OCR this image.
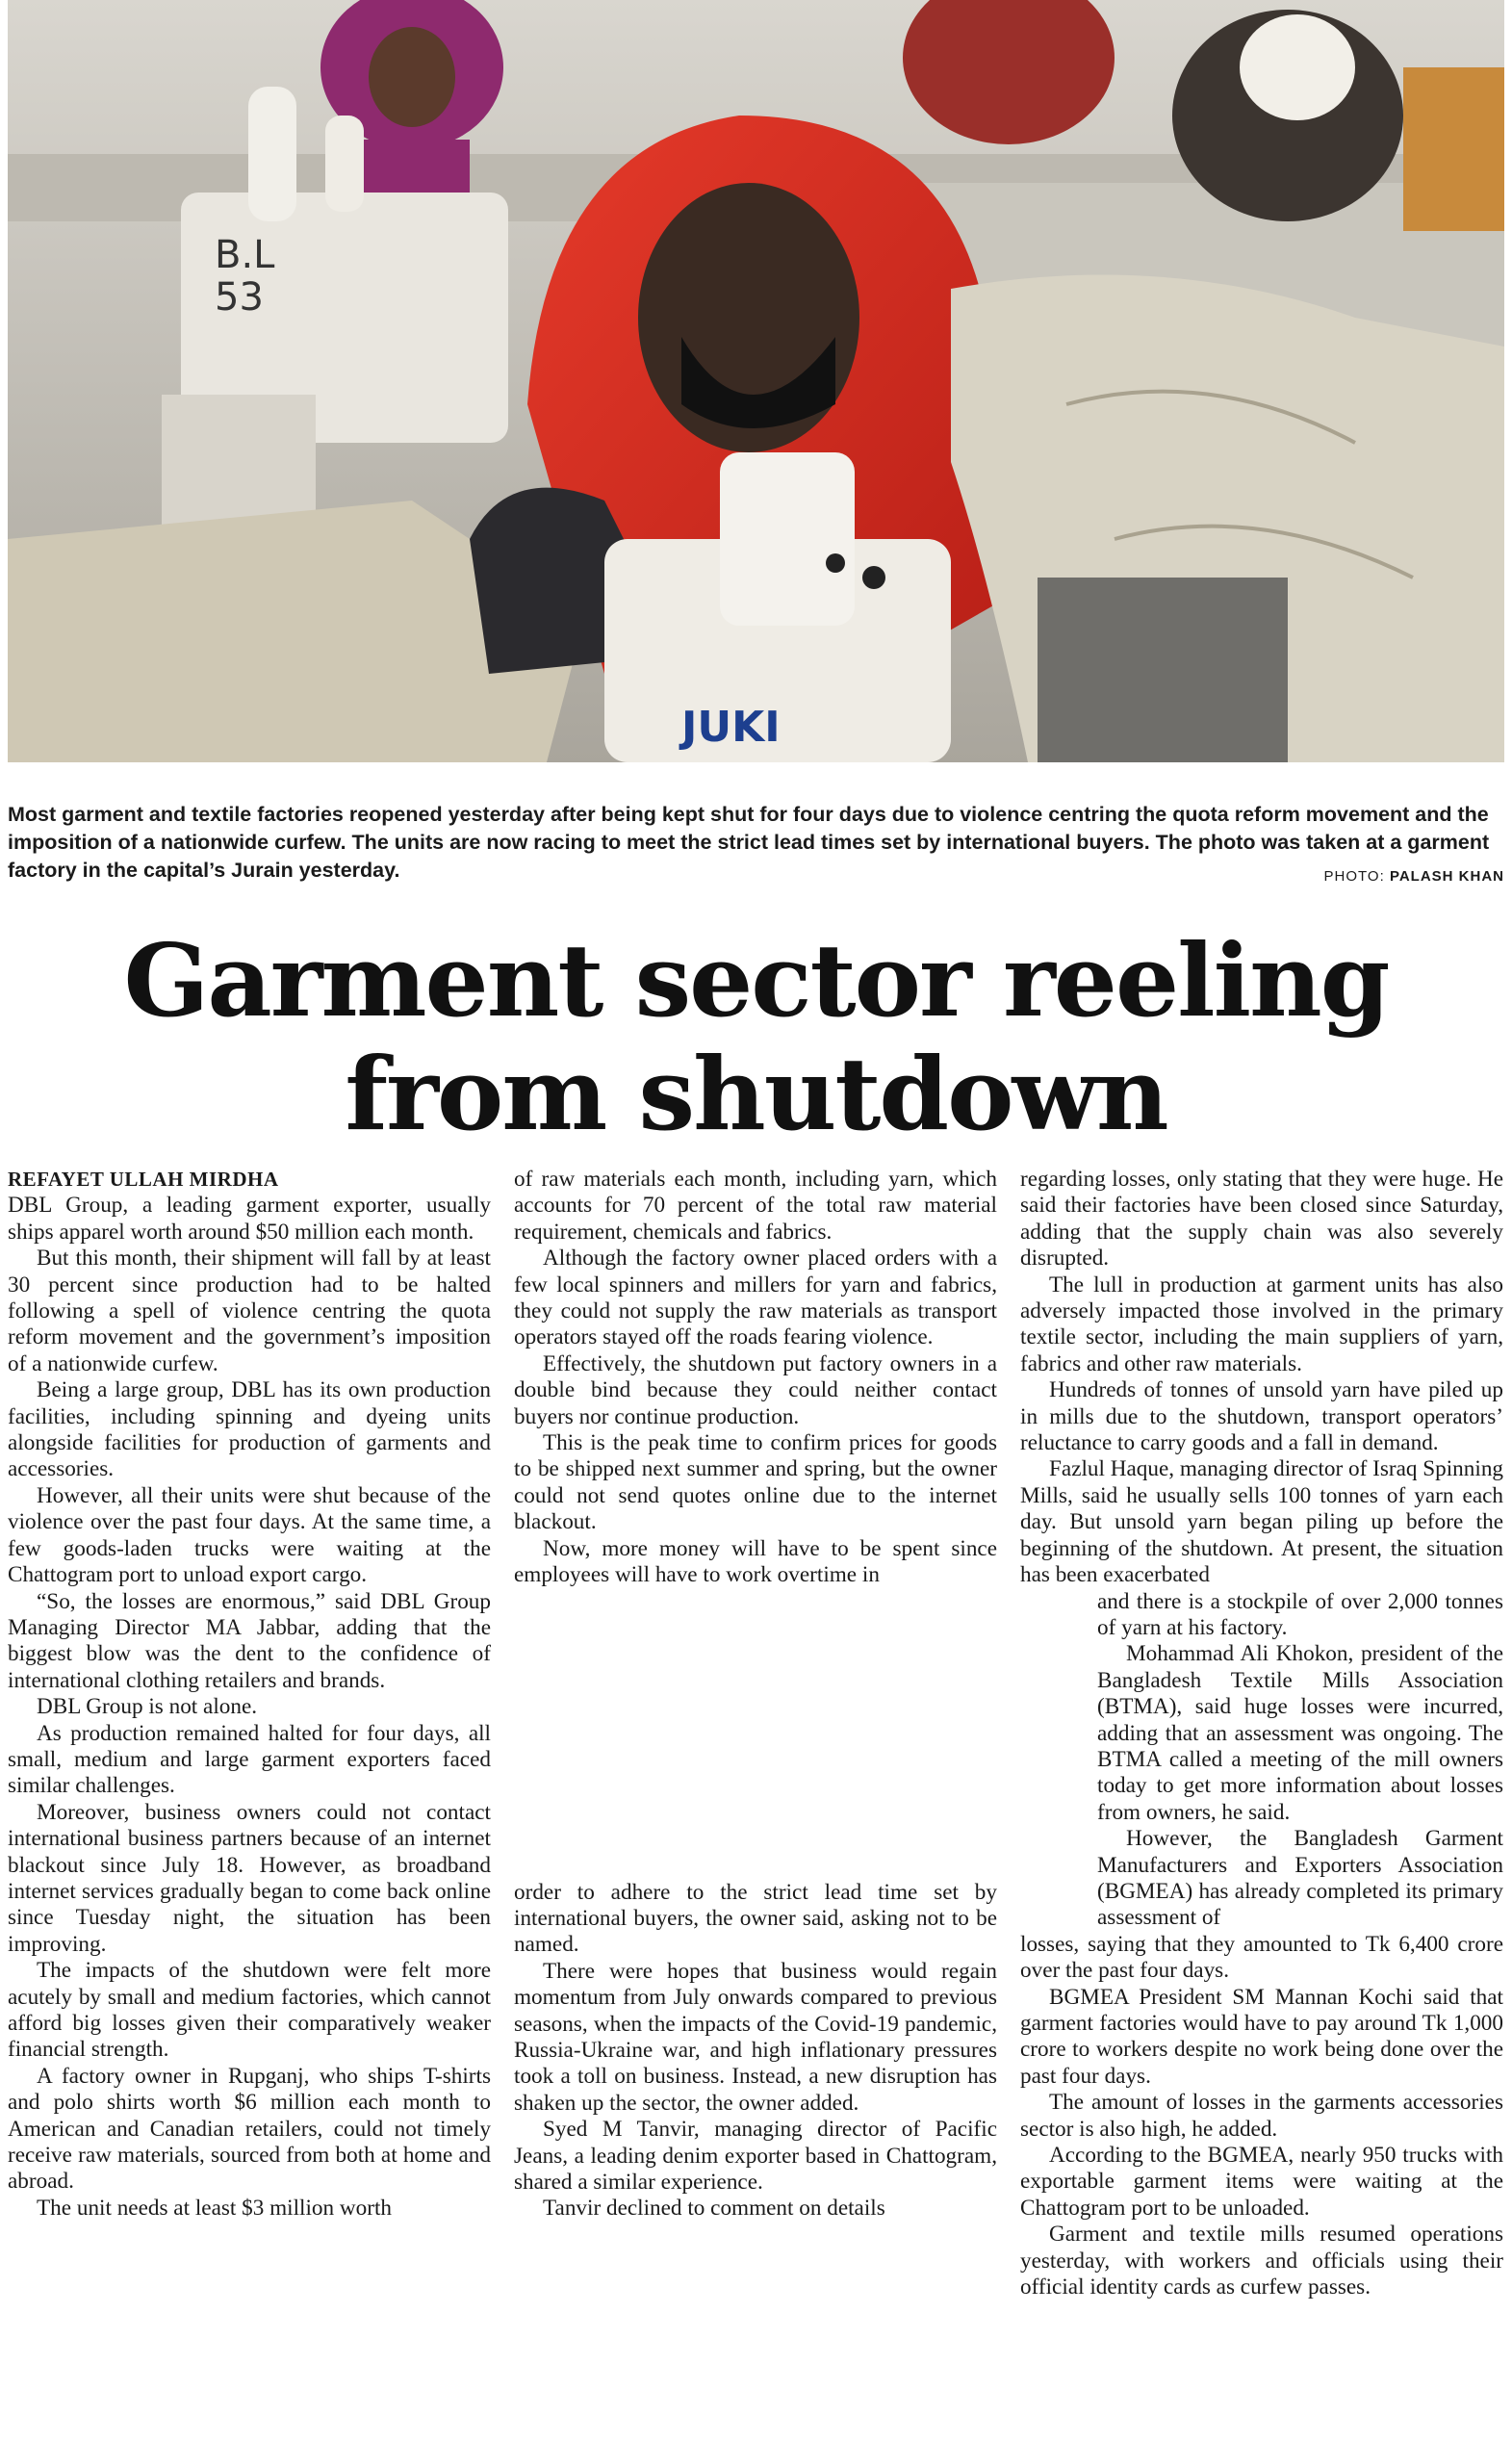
B.L
53
JUKI
Most garment and textile factories reopened yesterday after being kept shut for four days due to violence centring the quota reform movement and the imposition of a nationwide curfew. The units are now racing to meet the strict lead times set by international buyers. The photo was taken at a garment factory in the capital’s Jurain yesterday.	PHOTO: PALASH KHAN
Garment sector reeling
from shutdown

REFAYET ULLAH MIRDHA

DBL Group, a leading garment exporter, usually ships apparel worth around $50 million each month.

But this month, their shipment will fall by at least 30 percent since production had to be halted following a spell of violence centring the quota reform movement and the government’s imposition of a nationwide curfew.

Being a large group, DBL has its own production facilities, including spinning and dyeing units alongside facilities for production of garments and accessories.

However, all their units were shut because of the violence over the past four days. At the same time, a few goods-laden trucks were waiting at the Chattogram port to unload export cargo.

“So, the losses are enormous,” said DBL Group Managing Director MA Jabbar, adding that the biggest blow was the dent to the confidence of international clothing retailers and brands.

DBL Group is not alone.

As production remained halted for four days, all small, medium and large garment exporters faced similar challenges.

Moreover, business owners could not contact international business partners because of an internet blackout since July 18. However, as broadband internet services gradually began to come back online since Tuesday night, the situation has been improving.

The impacts of the shutdown were felt more acutely by small and medium factories, which cannot afford big losses given their comparatively weaker financial strength.

A factory owner in Rupganj, who ships T-shirts and polo shirts worth $6 million each month to American and Canadian retailers, could not timely receive raw materials, sourced from both at home and abroad.

The unit needs at least $3 million worth

of raw materials each month, including yarn, which accounts for 70 percent of the total raw material requirement, chemicals and fabrics.

Although the factory owner placed orders with a few local spinners and millers for yarn and fabrics, they could not supply the raw materials as transport operators stayed off the roads fearing violence.

Effectively, the shutdown put factory owners in a double bind because they could neither contact buyers nor continue production.

This is the peak time to confirm prices for goods to be shipped next summer and spring, but the owner could not send quotes online due to the internet blackout.

Now, more money will have to be spent since employees will have to work overtime in

order to adhere to the strict lead time set by international buyers, the owner said, asking not to be named.

There were hopes that business would regain momentum from July onwards compared to previous seasons, when the impacts of the Covid-19 pandemic, Russia-Ukraine war, and high inflationary pressures took a toll on business. Instead, a new disruption has shaken up the sector, the owner added.

Syed M Tanvir, managing director of Pacific Jeans, a leading denim exporter based in Chattogram, shared a similar experience.

Tanvir declined to comment on details

regarding losses, only stating that they were huge. He said their factories have been closed since Saturday, adding that the supply chain was also severely disrupted.

The lull in production at garment units has also adversely impacted those involved in the primary textile sector, including the main suppliers of yarn, fabrics and other raw materials.

Hundreds of tonnes of unsold yarn have piled up in mills due to the shutdown, transport operators’ reluctance to carry goods and a fall in demand.

Fazlul Haque, managing director of Israq Spinning Mills, said he usually sells 100 tonnes of yarn each day. But unsold yarn began piling up before the beginning of the shutdown. At present, the situation has been exacerbated

and there is a stockpile of over 2,000 tonnes of yarn at his factory.

Mohammad Ali Khokon, president of the Bangladesh Textile Mills Association (BTMA), said huge losses were incurred, adding that an assessment was ongoing. The BTMA called a meeting of the mill owners today to get more information about losses from owners, he said.

However, the Bangladesh Garment Manufacturers and Exporters Association (BGMEA) has already completed its primary assessment of

losses, saying that they amounted to Tk 6,400 crore over the past four days.

BGMEA President SM Mannan Kochi said that garment factories would have to pay around Tk 1,000 crore to workers despite no work being done over the past four days.

The amount of losses in the garments accessories sector is also high, he added.

According to the BGMEA, nearly 950 trucks with exportable garment items were waiting at the Chattogram port to be unloaded.

Garment and textile mills resumed operations yesterday, with workers and officials using their official identity cards as curfew passes.
